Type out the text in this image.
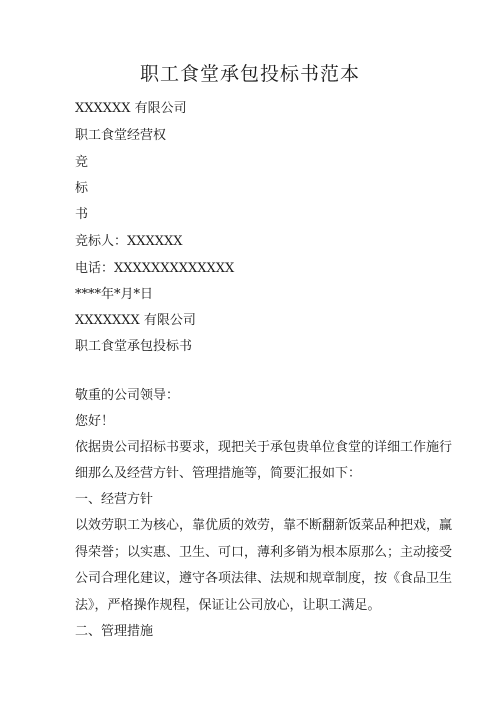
职工食堂承包投标书范本
XXXXXX 有限公司
职工食堂经营权
竞
标
书
竞标人：XXXXXX
电话：XXXXXXXXXXXXX
****年*月*日
XXXXXXX 有限公司
职工食堂承包投标书
敬重的公司领导：
您好！
依据贵公司招标书要求，现把关于承包贵单位食堂的详细工作施行
细那么及经营方针、管理措施等，简要汇报如下：
一、经营方针
以效劳职工为核心，靠优质的效劳，靠不断翻新饭菜品种把戏，赢
得荣誉；以实惠、卫生、可口，薄利多销为根本原那么；主动接受
公司合理化建议，遵守各项法律、法规和规章制度，按《食品卫生
法》，严格操作规程，保证让公司放心，让职工满足。
二、管理措施
